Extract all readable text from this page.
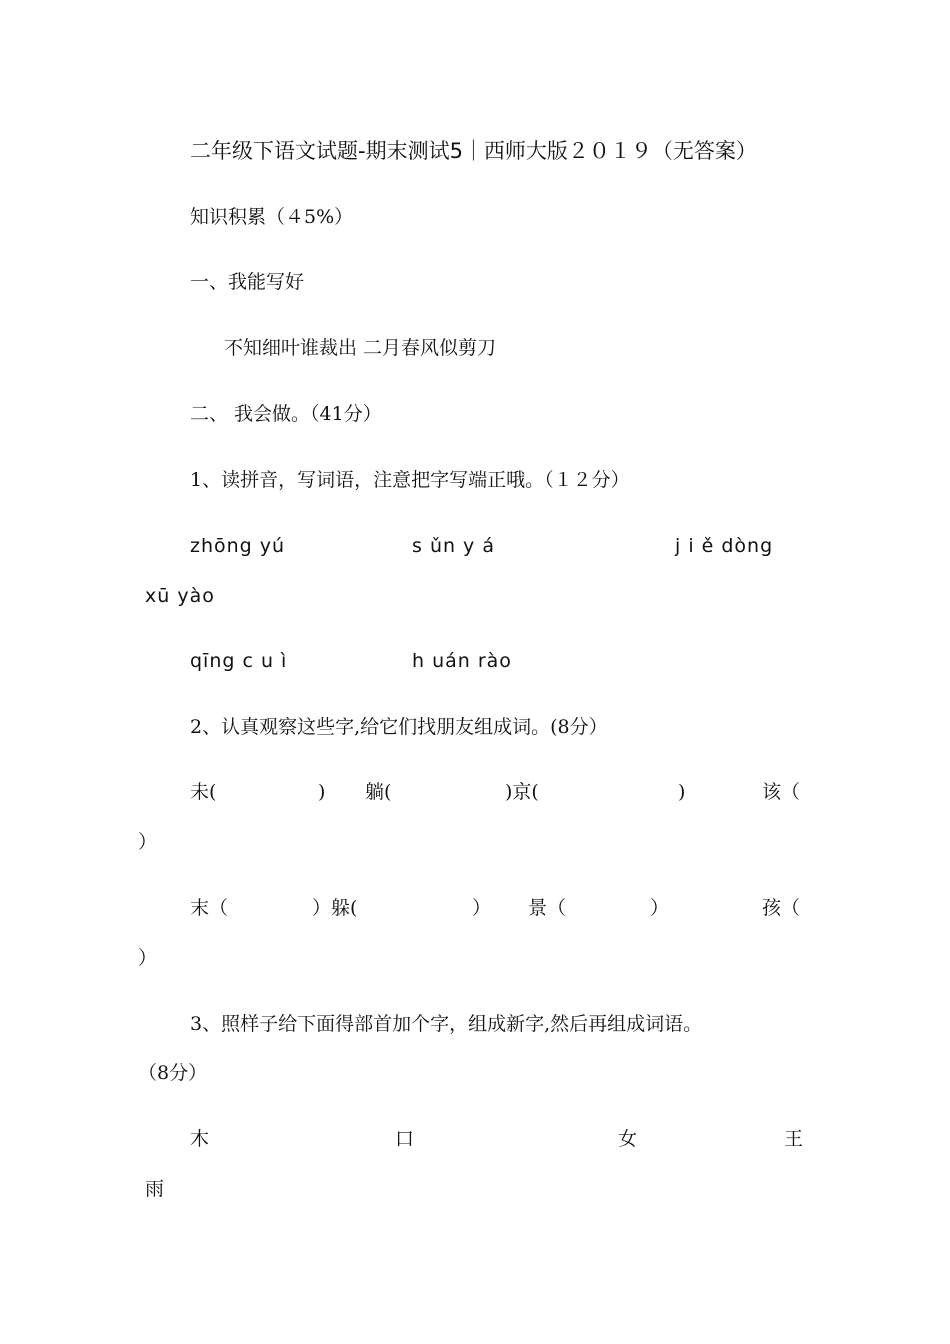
二年级下语文试题-期末测试5｜西师大版２０１９（无答案）
知识积累（４5%）
一、我能写好
不知细叶谁裁出 二月春风似剪刀
二、 我会做。（41分）
1、读拼音，写词语，注意把字写端正哦。（１２分）
zhōng yú	s ǔn y á	j i ě dòng
xū yào
qīng c u ì	h uán rào
2、认真观察这些字,给它们找朋友组成词。(8分）
未(	) 躺(	)京(	)	该（
）
末（	）躲(	） 景（	）	孩（
）
3、照样子给下面得部首加个字，组成新字,然后再组成词语。
（8分）
木	口	女	王
雨
